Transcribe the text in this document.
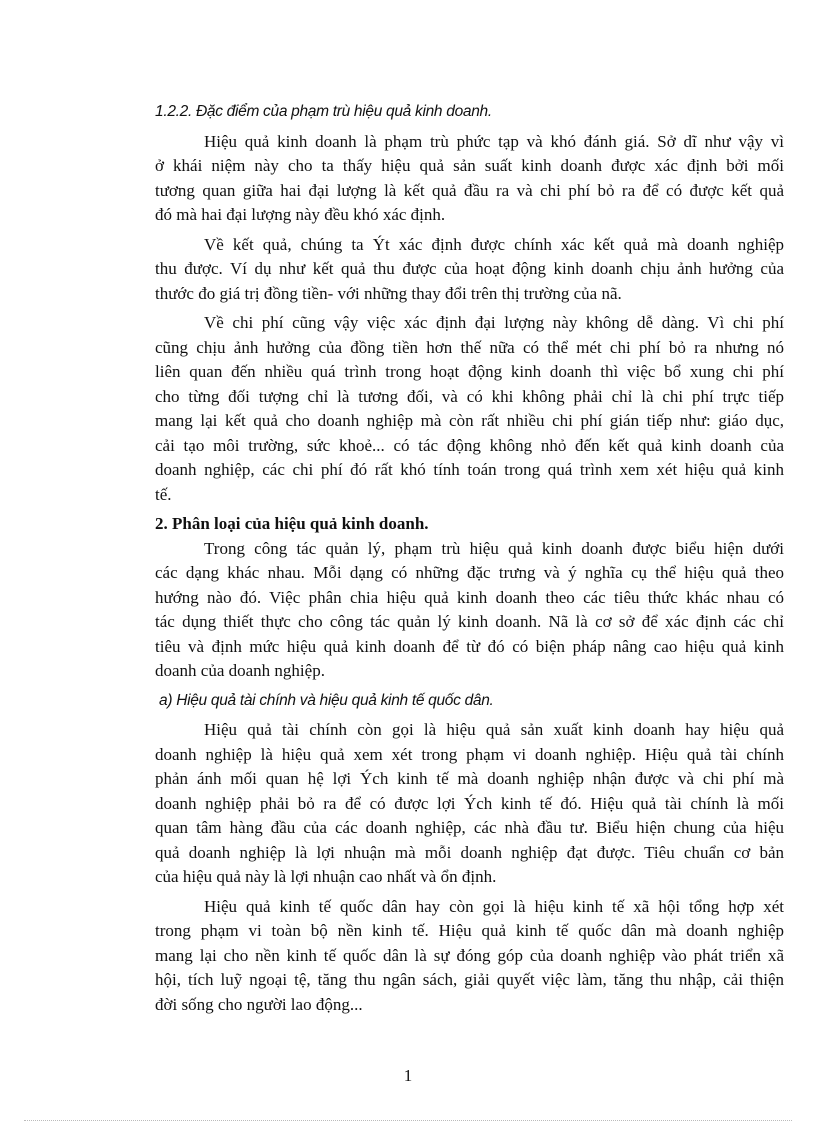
1.2.2. Đặc điểm của phạm trù hiệu quả kinh doanh.
Hiệu quả kinh doanh là phạm trù phức tạp và khó đánh giá. Sở dĩ như vậy vì
ở khái niệm này cho ta thấy hiệu quả sản suất kinh doanh được xác định bởi mối
tương quan giữa hai đại lượng là kết quả đầu ra và chi phí bỏ ra để có được kết quả
đó mà hai đại lượng này đều khó xác định.
Về kết quả, chúng ta Ýt xác định được chính xác kết quả mà doanh nghiệp
thu được. Ví dụ như kết quả thu được của hoạt động kinh doanh chịu ảnh hưởng của
thước đo giá trị đồng tiền- với những thay đổi trên thị trường của nã.
Về chi phí cũng vậy việc xác định đại lượng này không dễ dàng. Vì chi phí
cũng chịu ảnh hưởng của đồng tiền hơn thế nữa có thể mét chi phí bỏ ra nhưng nó
liên quan đến nhiều quá trình trong hoạt động kinh doanh thì việc bổ xung chi phí
cho từng đối tượng chỉ là tương đối, và có khi không phải chỉ là chi phí trực tiếp
mang lại kết quả cho doanh nghiệp mà còn rất nhiều chi phí gián tiếp như: giáo dục,
cải tạo môi trường, sức khoẻ... có tác động không nhỏ đến kết quả kinh doanh của
doanh nghiệp, các chi phí đó rất khó tính toán trong quá trình xem xét hiệu quả kinh
tế.
2. Phân loại của hiệu quả kinh doanh.
Trong công tác quản lý, phạm trù hiệu quả kinh doanh được biểu hiện dưới
các dạng khác nhau. Mỗi dạng có những đặc trưng và ý nghĩa cụ thể hiệu quả theo
hướng nào đó. Việc phân chia hiệu quả kinh doanh theo các tiêu thức khác nhau có
tác dụng thiết thực cho công tác quản lý kinh doanh. Nã là cơ sở để xác định các chỉ
tiêu và định mức hiệu quả kinh doanh để từ đó có biện pháp nâng cao hiệu quả kinh
doanh của doanh nghiệp.
a) Hiệu quả tài chính và hiệu quả kinh tế quốc dân.
Hiệu quả tài chính còn gọi là hiệu quả sản xuất kinh doanh hay hiệu quả
doanh nghiệp là hiệu quả xem xét trong phạm vi doanh nghiệp. Hiệu quả tài chính
phản ánh mối quan hệ lợi Ých kinh tế mà doanh nghiệp nhận được và chi phí mà
doanh nghiệp phải bỏ ra để có được lợi Ých kinh tế đó. Hiệu quả tài chính là mối
quan tâm hàng đầu của các doanh nghiệp, các nhà đầu tư. Biểu hiện chung của hiệu
quả doanh nghiệp là lợi nhuận mà mỗi doanh nghiệp đạt được. Tiêu chuẩn cơ bản
của hiệu quả này là lợi nhuận cao nhất và ổn định.
Hiệu quả kinh tế quốc dân hay còn gọi là hiệu kinh tế xã hội tổng hợp xét
trong phạm vi toàn bộ nền kinh tế. Hiệu quả kinh tế quốc dân mà doanh nghiệp
mang lại cho nền kinh tế quốc dân là sự đóng góp của doanh nghiệp vào phát triển xã
hội, tích luỹ ngoại tệ, tăng thu ngân sách, giải quyết việc làm, tăng thu nhập, cải thiện
đời sống cho người lao động...
1
